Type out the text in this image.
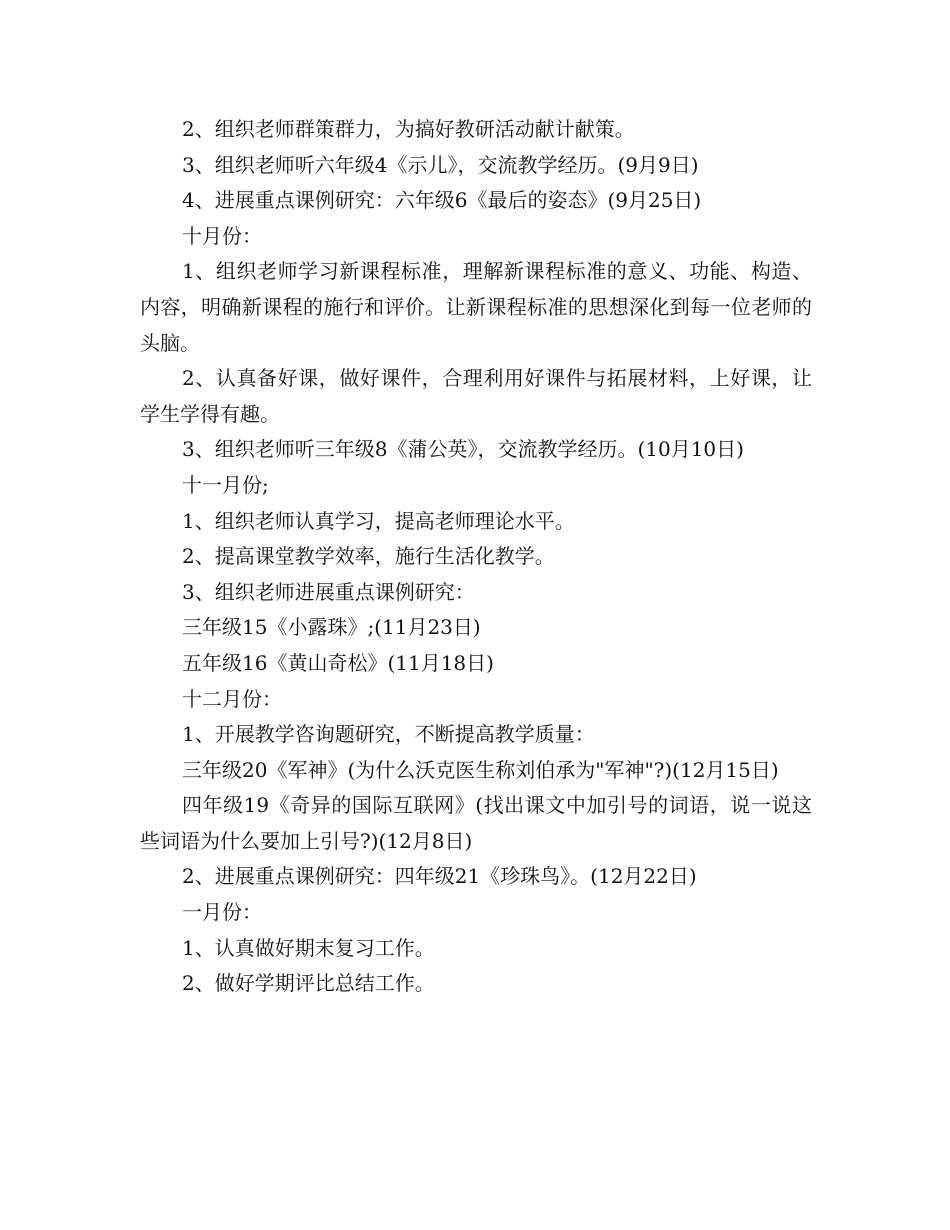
2、组织老师群策群力，为搞好教研活动献计献策。

3、组织老师听六年级4《示儿》，交流教学经历。(9月9日)

4、进展重点课例研究：六年级6《最后的姿态》(9月25日)

十月份：

1、组织老师学习新课程标准，理解新课程标准的意义、功能、构造、内容，明确新课程的施行和评价。让新课程标准的思想深化到每一位老师的头脑。

2、认真备好课，做好课件，合理利用好课件与拓展材料，上好课，让学生学得有趣。

3、组织老师听三年级8《蒲公英》，交流教学经历。(10月10日)

十一月份;

1、组织老师认真学习，提高老师理论水平。

2、提高课堂教学效率，施行生活化教学。

3、组织老师进展重点课例研究：

三年级15《小露珠》;(11月23日)

五年级16《黄山奇松》(11月18日)

十二月份：

1、开展教学咨询题研究，不断提高教学质量：

三年级20《军神》(为什么沃克医生称刘伯承为"军神"?)(12月15日)

四年级19《奇异的国际互联网》(找出课文中加引号的词语，说一说这些词语为什么要加上引号?)(12月8日)

2、进展重点课例研究：四年级21《珍珠鸟》。(12月22日)

一月份：

1、认真做好期末复习工作。

2、做好学期评比总结工作。
